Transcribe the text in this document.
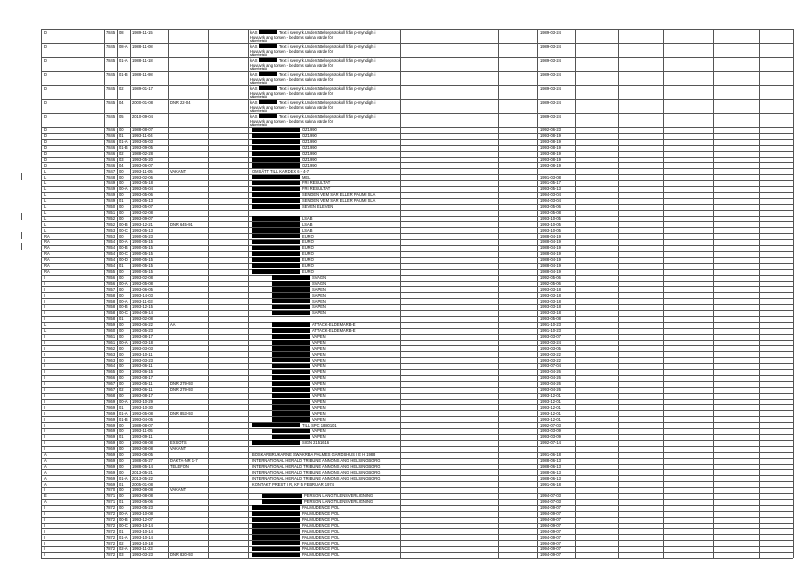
D	7845 08 1989-11-15	kAS	Text i svenyrk.Underrättelseprotokoll från p-myndigh i
Huvuvrk ang torsen - bedöms sakna värde för
säkerhetslä
1989-03-24
D	7845 08-A 1988-11-08	kAS	Text i svenyrk.Underrättelseprotokoll från p-myndigh i
Huvuvrk ang torsen - bedöms sakna värde för
säkerhetslä
1989-03-24
D	7845 01-A 1988-11-18	kAS	Text i svenyrk.Underrättelseprotokoll från p-myndigh i
Huvuvrk ang torsen - bedöms sakna värde för
säkerhetslä
1989-03-24
D	7845 01-B 1988-11-98	kAS	Text i svenyrk.Underrättelseprotokoll från p-myndigh i
Huvuvrk ang torsen - bedöms sakna värde för
säkerhetslä
1989-03-24
D	7845 02 1989-01-17	kAS	Text i svenyrk.Underrättelseprotokoll från p-myndigh i
Huvuvrk ang torsen - bedöms sakna värde för
säkerhetslä
1989-03-24
D	7845 04 2000-01-08	DNR 22-04	kAS	Text i svenyrk.Underrättelseprotokoll från p-myndigh i
Huvuvrk ang torsen - bedöms sakna värde för
säkerhetslä
1989-03-24
D	7845 05 2010-09-04	kAS	Text i svenyrk.Underrättelseprotokoll från p-myndigh i
Huvuvrk ang torsen - bedöms sakna värde för
säkerhetslä
1989-03-24
D	7846 00 1988-08-07	OZ1990	1992-06-23
D	7846 01 1993-11-04	OZ1990	1993-08-19
D	7846 01-A 1993-05-03	OZ1990	1993-08-19
D	7846 01-B 1993-09-05	OZ1990	1993-08-19
D	7846 02 1988-02-28	OZ1990	1993-08-19
D	7846 03 1993-05-20	OZ1990	1993-08-19
D	7846 04 1993-06-07	OZ1990	1993-08-19
L	7847 00 1993-11-05	VAKANT	OMSÄTT TILL KARDEX 6 - 4-7
L	7848 00 1993-02-06	MEL	1991-03-08
L	7849 00 1993-05-18	FRI RESULTAT	1991-05-17
L	7849 00-A 1993-05-04	FRI RESULTAT	1993-05-13
L	7849 00 1993-05-06	SENDEN VEM SÄR ELLER PAUMI SLA	1994-03-04
L	7849 01 1993-05-13	SENDEN VEM SÄR ELLER PAUMI SLA	1994-03-04
L	7850 00 1993-05-07	SEVEN ELEVEN	1993-05-06
L	7851 00 1993-02-08	1993-05-08
L	7852 00 1993-09-07	LSAB	1993-10-05
L	7852 00-B 1993-12-21	DNR 645-91	LSAB	1993-10-05
L	7853 00-C 1993-05-13	LSAB	1993-10-05
RA	7853 00 1990-05-23	EURO	1988-04-19
RA	7854 00-A 1990-05-15	EURO	1988-04-19
RA	7854 00-B 1990-05-15	EURO	1988-04-19
RA	7854 00-C 1990-05-15	EURO	1988-04-19
RA	7854 00-D 1990-05-15	EURO	1988-04-19
RA	7854 01 1990-05-15	EURO	1988-04-19
RA	7855 00 1990-05-15	EURO	1988-04-19
I	7856 00 1993-02-08	SVAGN	1992-05-06
I	7856 00-A 1993-05-08	SVAGN	1992-05-06
I	7857 00 1993-06-05	SAPEN	1993-03-18
I	7858 00 1993-14-03	SAPEN	1993-03-18
I	7858 00-A 1993-11-03	SAPEN	1993-03-18
I	7858 00-B 1993-12-15	SAPEN	1993-03-18
I	7858 00-C 1994-09-14	SAPEN	1993-03-18
I	7858 01 1993-02-08	1993-05-08
L	7859 00 1993-06-22	AA	ATTACK-ELDEMARB-E	1991-10-23
L	7860 00 1993-05-23	ATTACK-ELDEMARB-E	1991-10-23
I	7861 00 1993-08-17	VAPEN	1993-03-07
I	7861 00-A 1993-03-18	VAPEN	1993-03-24
I	7862 00 1993-03-03	VAPEN	1993-03-05
I	7863 00 1993-10-11	VAPEN	1993-03-22
I	7863 00 1993-03-23	VAPEN	1993-03-22
I	7864 00 1993-06-11	VAPEN	1993-07-04
I	7865 00 1993-06-15	VAPEN	1993-04-26
I	7866 00 1993-08-17	VAPEN	1993-04-26
I	7867 00 1993-05-11	DNR 279-93	VAPEN	1993-04-26
I	7867 02 1993-06-11	DNR 279-93	VAPEN	1993-04-26
I	7868 00 1993-08-17	VAPEN	1993-12-01
I	7869 00-A 1993-10-29	VAPEN	1993-12-01
I	7869 01 1993-10-30	VAPEN	1993-12-01
I	7869 01-A 1993-05-08	DNR 853-93	VAPEN	1993-12-01
I	7869 01-B 1993-04-05	VAPEN	1993-12-01
I	7869 00 1988-08-07	TILL SPC 1880101	1992-07-03
I	7869 00 1993-11-05	VAPEN	1993-03-09
I	7869 01 1993-09-11	VAPEN	1993-03-09
I	7869 00 1993-08-08	EXSOTS	SIGN 2151616	1992-07-14
I	7869 00 1993-08-08	VAKANT
A	7869 00 1993-08-05	BOSKARBRUKARNE SWAKRBA PALMES GÄRDSHUS I E H 1988	1991-06-18
A	7869 00 1988-05-27	DAKTA-NR 1-7	INTERNATIONAL HERALD TRIBUNE ANNONS ANG HELSINGBORG	1988-06-13
A	7869 00 1988-05-14	TELEFON	INTERNATIONAL HERALD TRIBUNE ANNONS ANG HELSINGBORG	1988-06-13
A	7869 00 2013-05-21	INTERNATIONAL HERALD TRIBUNE ANNONS ANG HELSINGBORG	1988-06-13
A	7869 01-A 2013-05-22	INTERNATIONAL HERALD TRIBUNE ANNONS ANG HELSINGBORG	1988-06-13
A	7869 01 2005-01-08	KONTAKT PREST I R, KF 5 FEBRUAR 1974	1991-06-18
I	7870 00 1993-08-08	VAKANT
E	7871 00 1993-08-08	PERSON LANGTILENSVERLIGNING	1994-07-03
A	7871 01 1993-05-06	PERSON LANGTILENSVERLIGNING	1994-07-03
I	7872 00 1993-05-23	PALMUDENCE POL	1994-09-07
I	7872 00-A 1993-10-08	PALMUDENCE POL	1994-09-07
I	7872 00-B 1993-12-07	PALMUDENCE POL	1994-09-07
I	7872 00-C 1993-10-14	PALMUDENCE POL	1994-09-07
I	7872 01 1993-10-14	PALMUDENCE POL	1994-09-07
I	7872 01-A 1993-10-14	PALMUDENCE POL	1994-09-07
I	7872 02 1993-10-18	PALMUDENCE POL	1994-09-07
I	7872 02-A 1993-11-23	PALMUDENCE POL	1994-09-07
I	7872 03 1993-03-23	DNR 820-93	PALMUDENCE POL	1994-09-07
